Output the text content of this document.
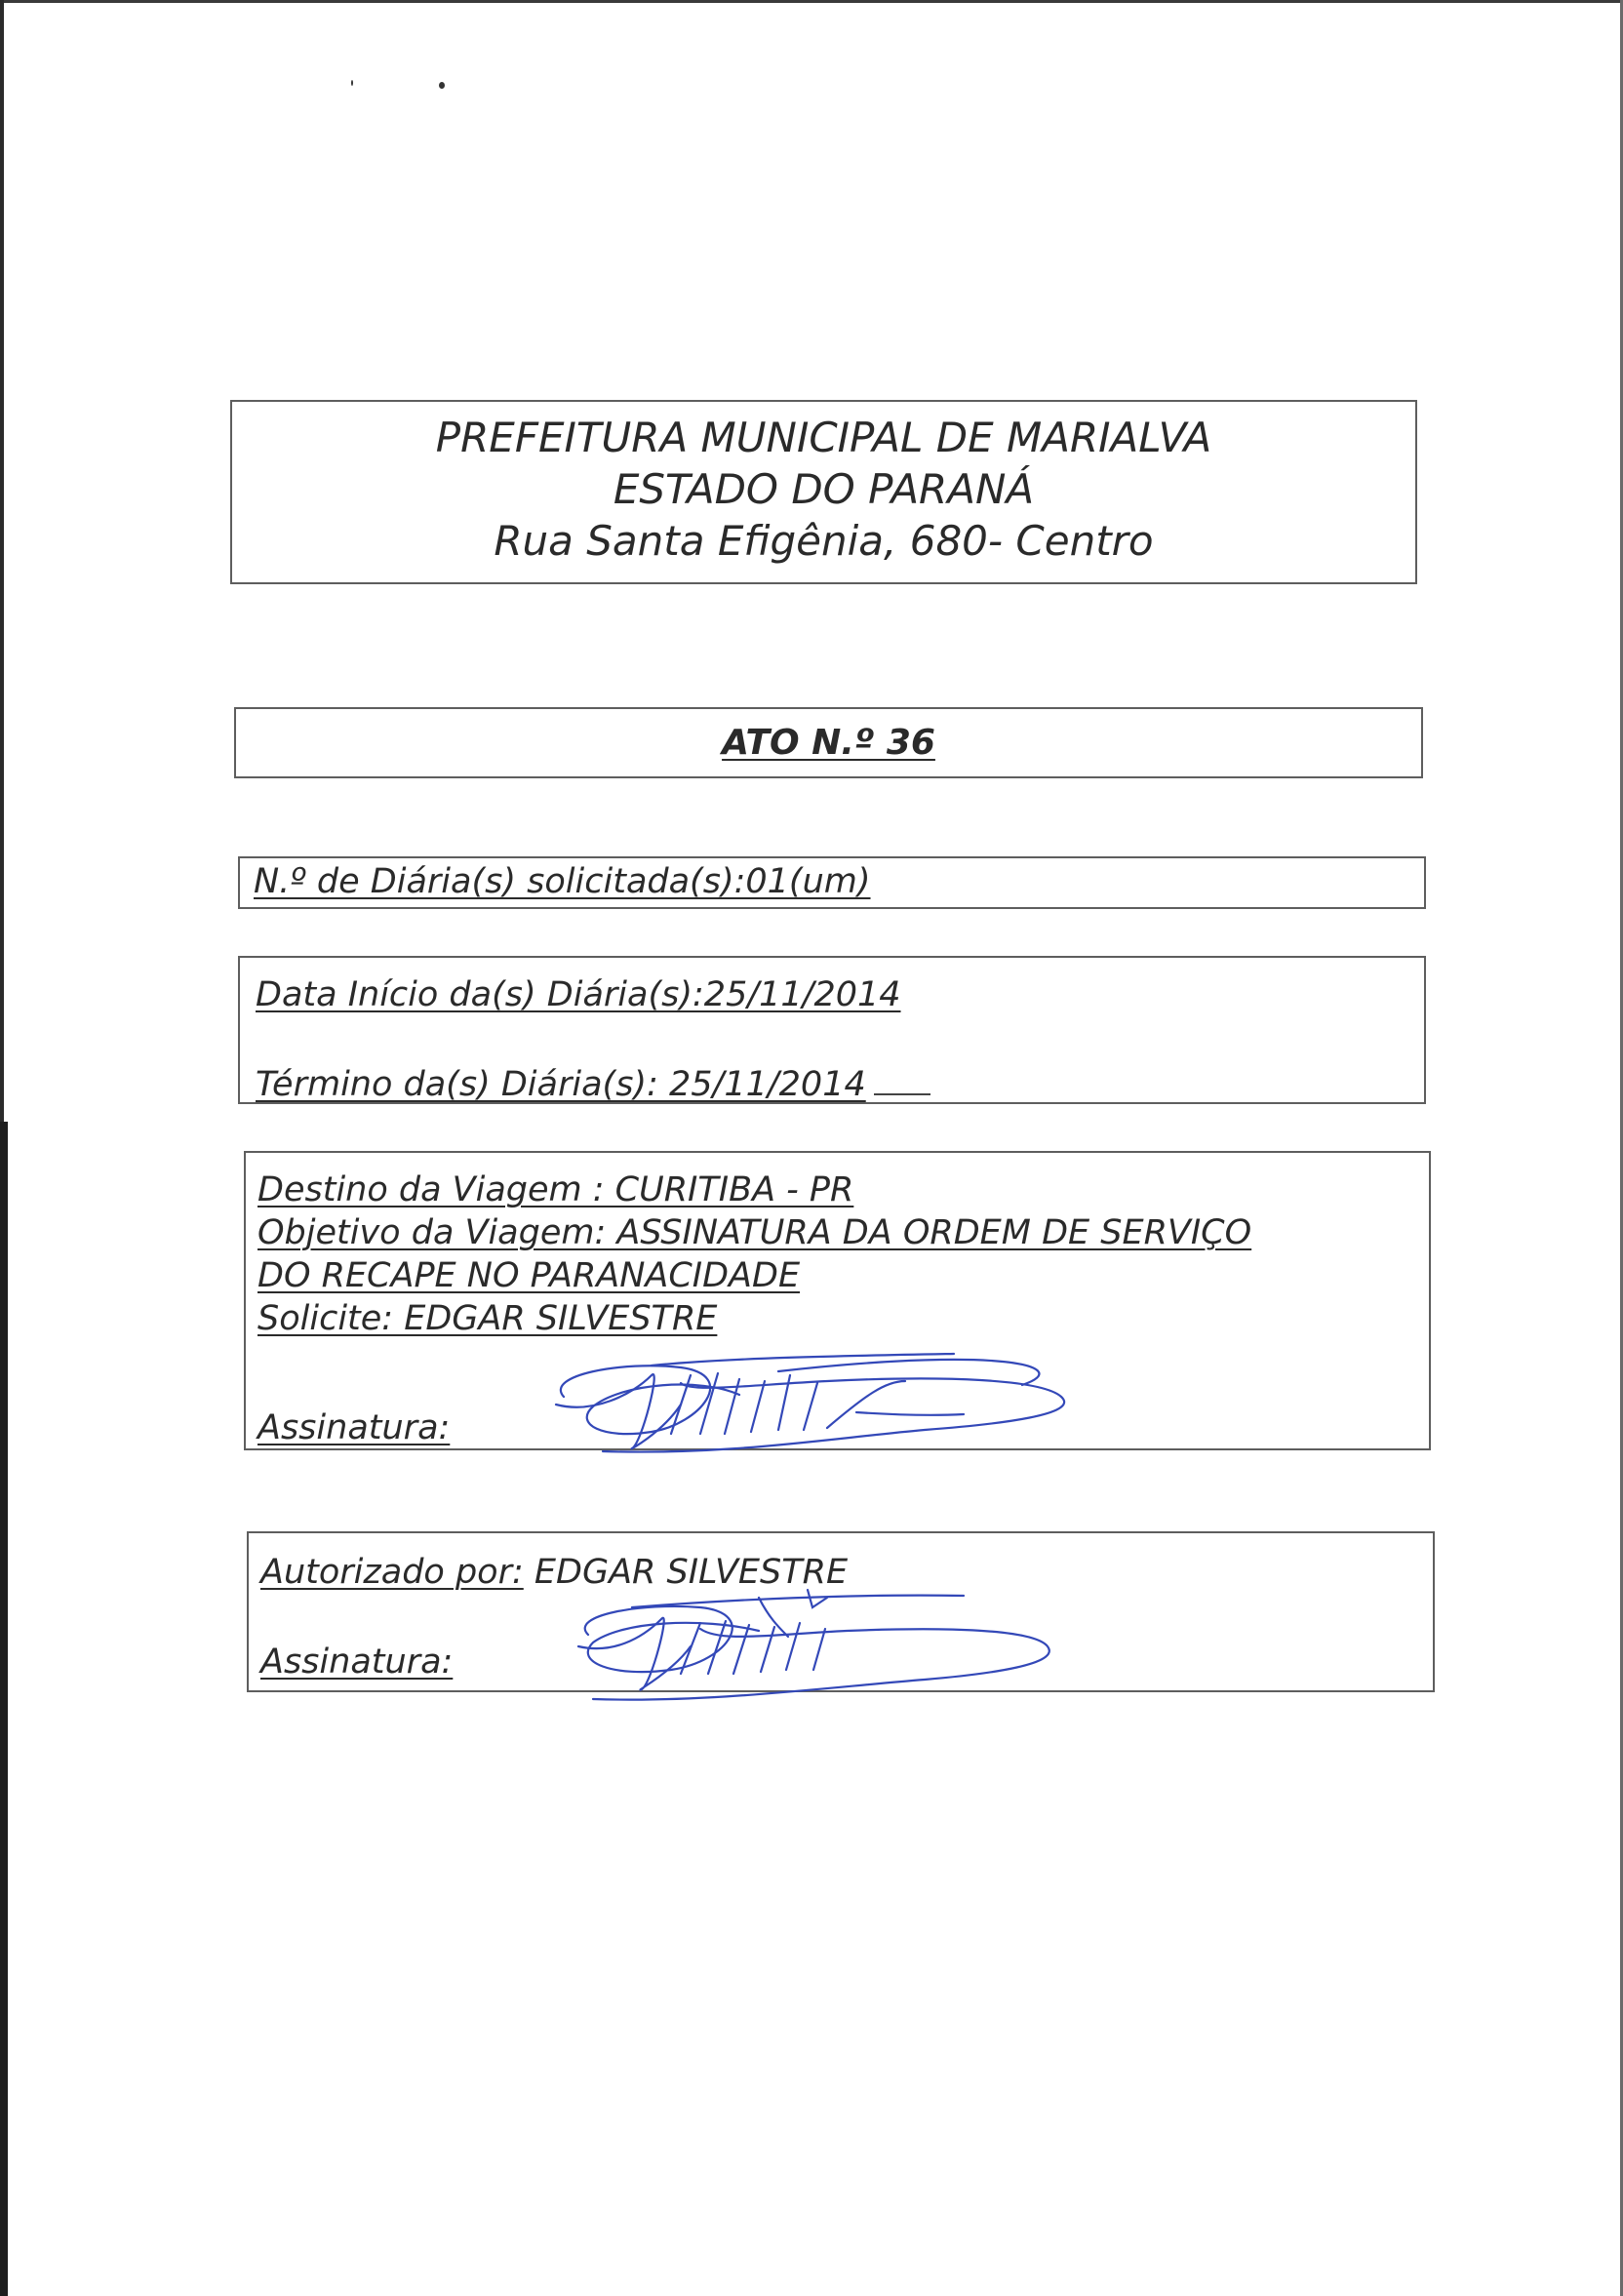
PREFEITURA MUNICIPAL DE MARIALVA
ESTADO DO PARANÁ
Rua Santa Efigênia, 680- Centro
ATO N.º 36
N.º de Diária(s) solicitada(s):01(um)
Data Início da(s) Diária(s):25/11/2014
Término da(s) Diária(s): 25/11/2014
Destino da Viagem : CURITIBA - PR
Objetivo da Viagem: ASSINATURA DA ORDEM DE SERVIÇO
DO RECAPE NO PARANACIDADE
Solicite: EDGAR SILVESTRE
Assinatura:
Autorizado por: EDGAR SILVESTRE
Assinatura:
